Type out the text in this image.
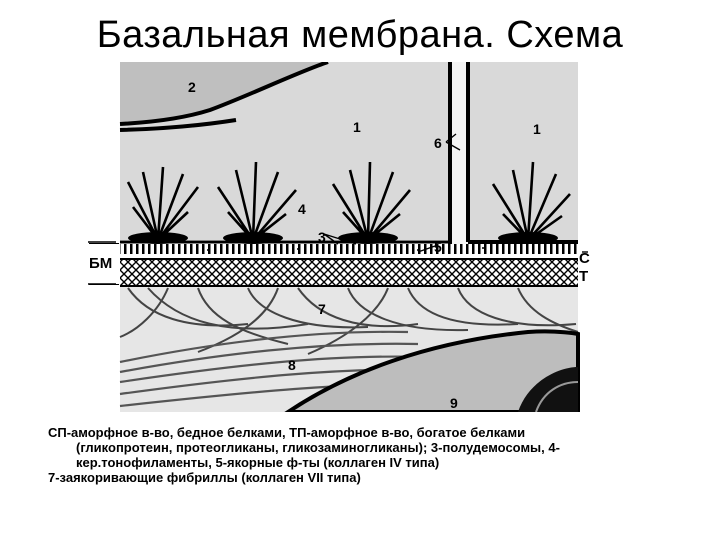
Базальная мембрана. Схема
2
1	1
6
4
3
5
7
8
9
БМ	С
Т

СП-аморфное в-во, бедное белками, ТП-аморфное в-во, богатое белками

(гликопротеин, протеогликаны, гликозаминогликаны); 3-полудемосомы, 4-

кер.тонофиламенты, 5-якорные ф-ты (коллаген IV типа)

7-заякоривающие фибриллы (коллаген VII типа)
